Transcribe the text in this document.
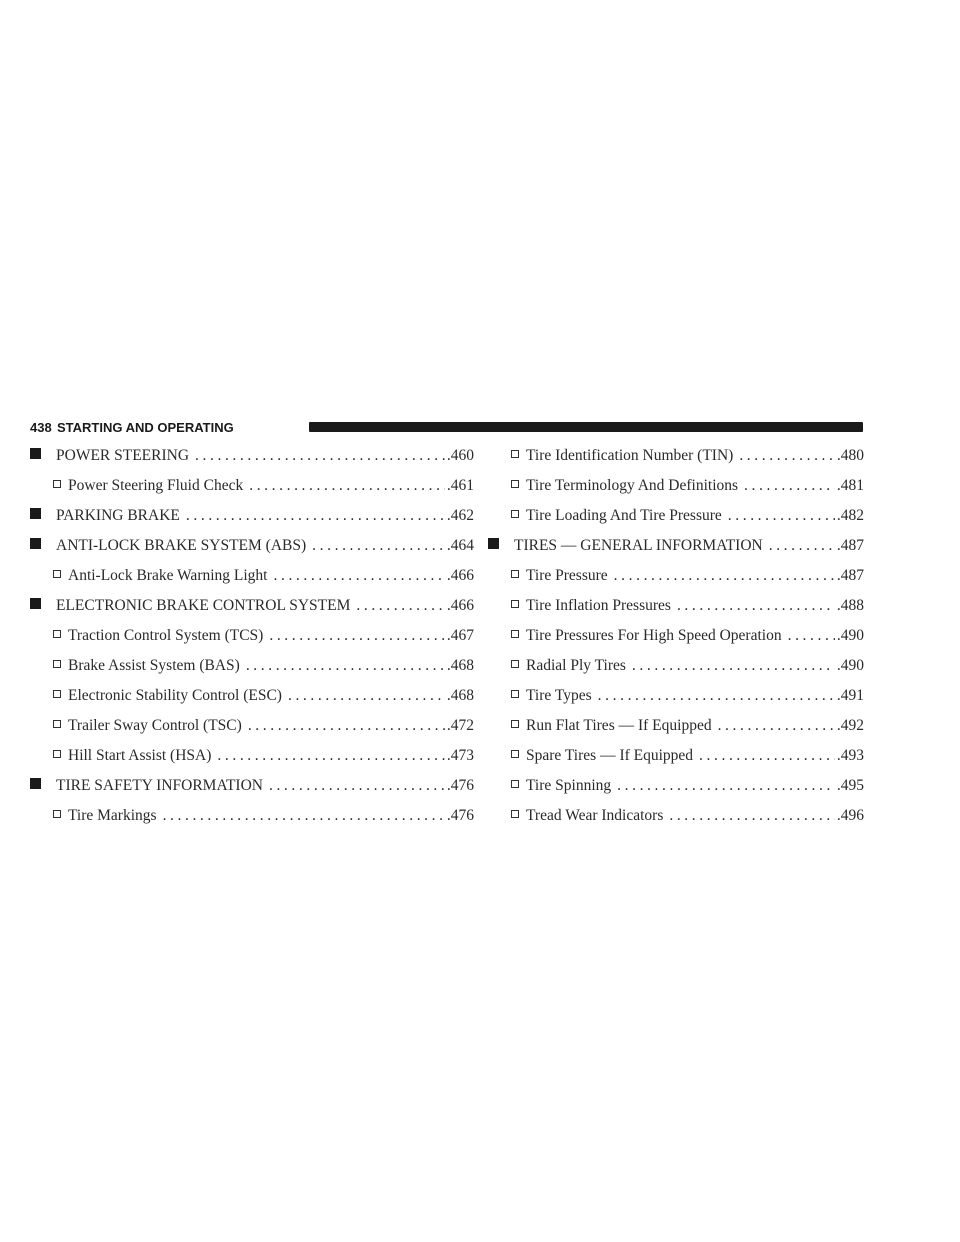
438 STARTING AND OPERATING
POWER STEERING .....	.460
Power Steering Fluid Check .....	.461
PARKING BRAKE .....	.462
ANTI-LOCK BRAKE SYSTEM (ABS) .....	.464
Anti-Lock Brake Warning Light .....	.466
ELECTRONIC BRAKE CONTROL SYSTEM .....	.466
Traction Control System (TCS) .....	.467
Brake Assist System (BAS) .....	.468
Electronic Stability Control (ESC) .....	.468
Trailer Sway Control (TSC) .....	.472
Hill Start Assist (HSA) .....	.473
TIRE SAFETY INFORMATION .....	.476
Tire Markings .....	.476
Tire Identification Number (TIN) .....	.480
Tire Terminology And Definitions .....	.481
Tire Loading And Tire Pressure .....	.482
TIRES — GENERAL INFORMATION .....	.487
Tire Pressure .....	.487
Tire Inflation Pressures .....	.488
Tire Pressures For High Speed Operation .....	.490
Radial Ply Tires .....	.490
Tire Types .....	.491
Run Flat Tires — If Equipped .....	.492
Spare Tires — If Equipped .....	.493
Tire Spinning .....	.495
Tread Wear Indicators .....	.496
